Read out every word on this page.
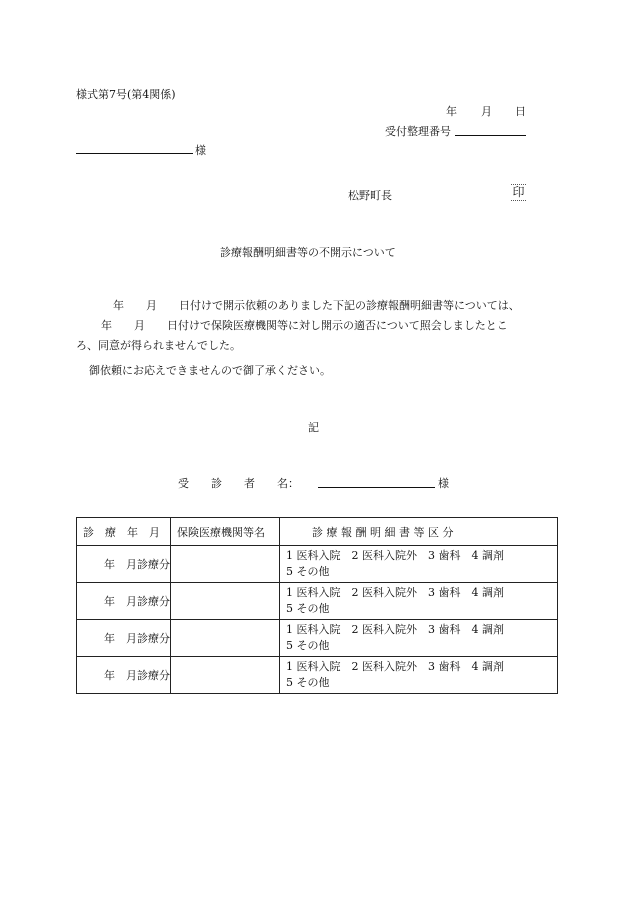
様式第7号(第4関係)
年 月 日
受付整理番号
様
松野町長	印
診療報酬明細書等の不開示について
年　　月　　日付けで開示依頼のありました下記の診療報酬明細書等については、
年　　月　　日付けで保険医療機関等に対し開示の適否について照会しましたとこ
ろ、同意が得られませんでした。
御依頼にお応えできませんので御了承ください。
記
受　　診　　者　　名：	様
診　療　年　月	保険医療機関等名	診 療 報 酬 明 細 書 等 区 分
年　月診療分		1 医科入院　2 医科入院外　3 歯科　4 調剤
5 その他

年　月診療分		1 医科入院　2 医科入院外　3 歯科　4 調剤
5 その他

年　月診療分		1 医科入院　2 医科入院外　3 歯科　4 調剤
5 その他

年　月診療分		1 医科入院　2 医科入院外　3 歯科　4 調剤
5 その他
